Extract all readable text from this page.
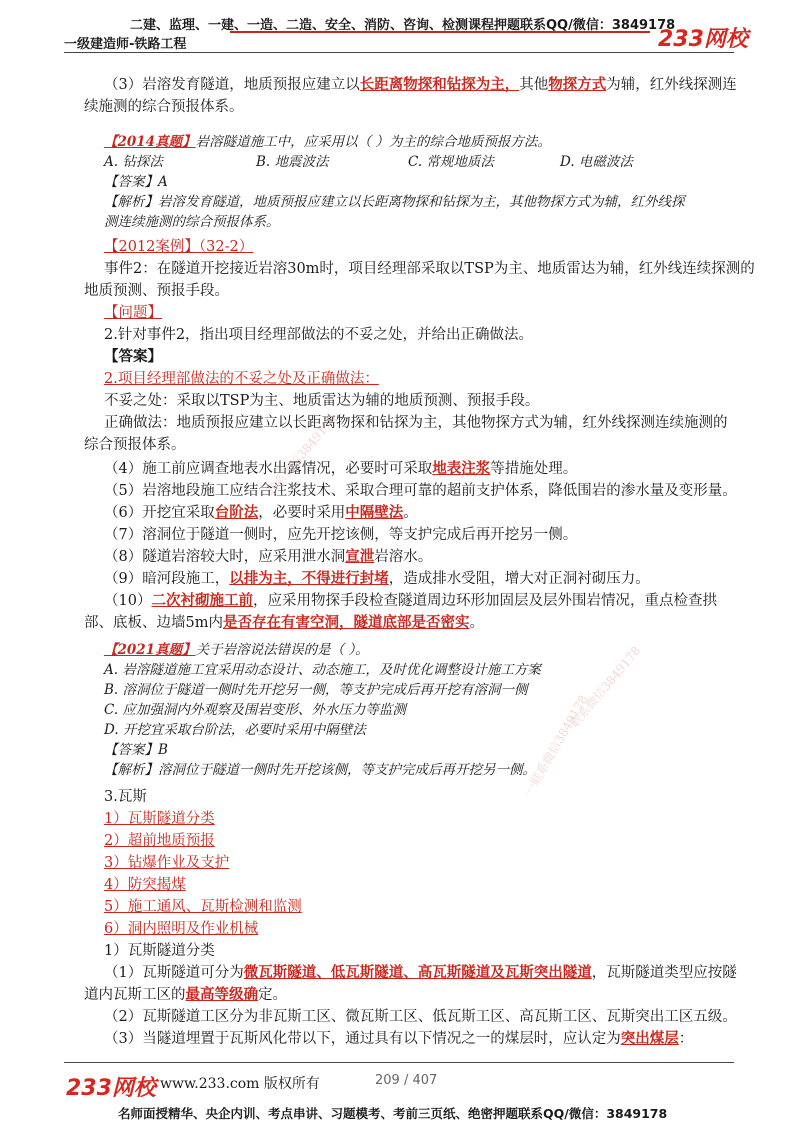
二建、监理、一建、一造、二造、安全、消防、咨询、检测课程押题联系QQ/微信：3849178
一级建造师-铁路工程	233网校
（3）岩溶发育隧道，地质预报应建立以长距离物探和钻探为主，其他物探方式为辅，红外线探测连
续施测的综合预报体系。
【2014真题】岩溶隧道施工中，应采用以（ ）为主的综合地质预报方法。
A. 钻探法	B. 地震波法	C. 常规地质法	D. 电磁波法
【答案】A
【解析】岩溶发育隧道，地质预报应建立以长距离物探和钻探为主，其他物探方式为辅，红外线探
测连续施测的综合预报体系。
【2012案例】（32-2）
事件2：在隧道开挖接近岩溶30m时，项目经理部采取以TSP为主、地质雷达为辅，红外线连续探测的
地质预测、预报手段。
【问题】
2.针对事件2，指出项目经理部做法的不妥之处，并给出正确做法。
【答案】
2.项目经理部做法的不妥之处及正确做法：
不妥之处：采取以TSP为主、地质雷达为辅的地质预测、预报手段。
正确做法：地质预报应建立以长距离物探和钻探为主，其他物探方式为辅，红外线探测连续施测的
综合预报体系。
（4）施工前应调查地表水出露情况，必要时可采取地表注浆等措施处理。
（5）岩溶地段施工应结合注浆技术、采取合理可靠的超前支护体系，降低围岩的渗水量及变形量。
（6）开挖宜采取台阶法，必要时采用中隔壁法。
（7）溶洞位于隧道一侧时，应先开挖该侧，等支护完成后再开挖另一侧。
（8）隧道岩溶较大时，应采用泄水洞宣泄岩溶水。
（9）暗河段施工，以排为主，不得进行封堵，造成排水受阻，增大对正洞衬砌压力。
（10）二次衬砌施工前，应采用物探手段检查隧道周边环形加固层及层外围岩情况，重点检查拱
部、底板、边墙5m内是否存在有害空洞，隧道底部是否密实。
【2021真题】关于岩溶说法错误的是（ ）。
A. 岩溶隧道施工宜采用动态设计、动态施工，及时优化调整设计施工方案
B. 溶洞位于隧道一侧时先开挖另一侧，等支护完成后再开挖有溶洞一侧
C. 应加强洞内外观察及围岩变形、外水压力等监测
D. 开挖宜采取台阶法，必要时采用中隔壁法
【答案】B
【解析】溶洞位于隧道一侧时先开挖该侧，等支护完成后再开挖另一侧。
3.瓦斯
1）瓦斯隧道分类
2）超前地质预报
3）钻爆作业及支护
4）防突揭煤
5）施工通风、瓦斯检测和监测
6）洞内照明及作业机械
1）瓦斯隧道分类
（1）瓦斯隧道可分为微瓦斯隧道、低瓦斯隧道、高瓦斯隧道及瓦斯突出隧道，瓦斯隧道类型应按隧
道内瓦斯工区的最高等级确定。
（2）瓦斯隧道工区分为非瓦斯工区、微瓦斯工区、低瓦斯工区、高瓦斯工区、瓦斯突出工区五级。
（3）当隧道埋置于瓦斯风化带以下，通过具有以下情况之一的煤层时，应认定为突出煤层：
联系微信3849178
联系微信3849178
一联系微信3849178
233网校 www.233.com 版权所有	209 / 407
名师面授精华、央企内训、考点串讲、习题模考、考前三页纸、绝密押题联系QQ/微信：3849178
